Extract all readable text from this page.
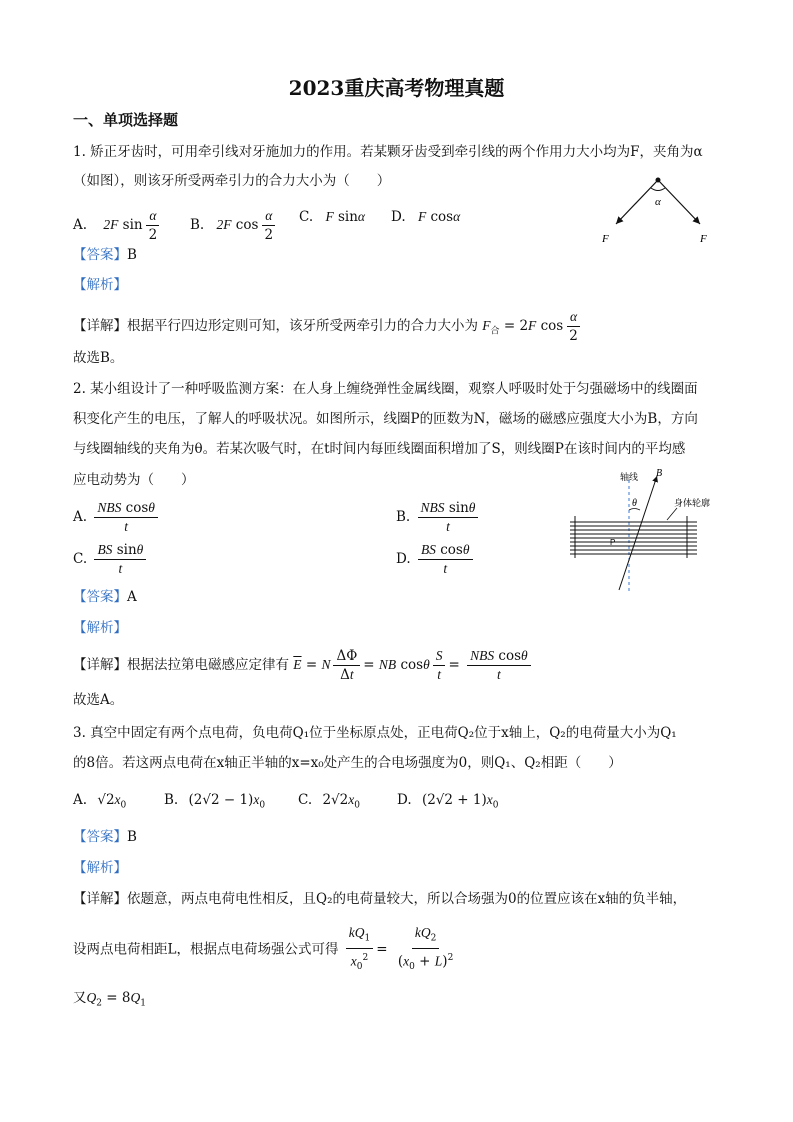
2023重庆高考物理真题
一、单项选择题
1. 矫正牙齿时，可用牵引线对牙施加力的作用。若某颗牙齿受到牵引线的两个作用力大小均为F，夹角为α
（如图），则该牙所受两牵引力的合力大小为（　　）
A. 2F $\sin \frac{\alpha}{2} B$. 2F $\cos \frac{\alpha}{2} C$. F sinα D. F cosα
α
F	F
【答案】B
【解析】
【详解】根据平行四边形定则可知，该牙所受两牵引力的合力大小为 $F_合 = 2F$ $\cos \frac{\alpha}{2}$
故选B。
2. 某小组设计了一种呼吸监测方案：在人身上缠绕弹性金属线圈，观察人呼吸时处于匀强磁场中的线圈面
积变化产生的电压，了解人的呼吸状况。如图所示，线圈P的匝数为N，磁场的磁感应强度大小为B，方向
与线圈轴线的夹角为θ。若某次吸气时，在t时间内每匝线圈面积增加了S，则线圈P在该时间内的平均感
应电动势为（　　）
A. $\frac{\text{NBS cosθ}}{t}$	B. $\frac{\text{NBS sinθ}}{t}$
C. $\frac{\text{BS sinθ}}{t}$	D. $\frac{\text{BS cosθ}}{t}$
θ
B
轴线
身体轮廓
P
【答案】A
【解析】
【详解】根据法拉第电磁感应定律有 $\overline{E} = N \frac{\Delta\Phi}{\Delta t}$ = NB cosθ $\frac{S}{t} = \frac{\text{NBS cosθ}}{t}$
故选A。
3. 真空中固定有两个点电荷，负电荷Q₁位于坐标原点处，正电荷Q₂位于x轴上，Q₂的电荷量大小为Q₁
的8倍。若这两点电荷在x轴正半轴的x=x₀处产生的合电场强度为0，则Q₁、Q₂相距（　　）
A. $√2x_0$	B. $(2√2 - 1)x_0$ C. $2√2x_0$	D. $(2√2 + 1)x_0$
【答案】B
【解析】
【详解】依题意，两点电荷电性相反，且Q₂的电荷量较大，所以合场强为0的位置应该在x轴的负半轴，
设两点电荷相距L，根据点电荷场强公式可得 $\frac{kQ_1}{x_0^2} = \frac{kQ_2}{(x_0 + L)^2}$
又$Q_2 = 8Q_1$
